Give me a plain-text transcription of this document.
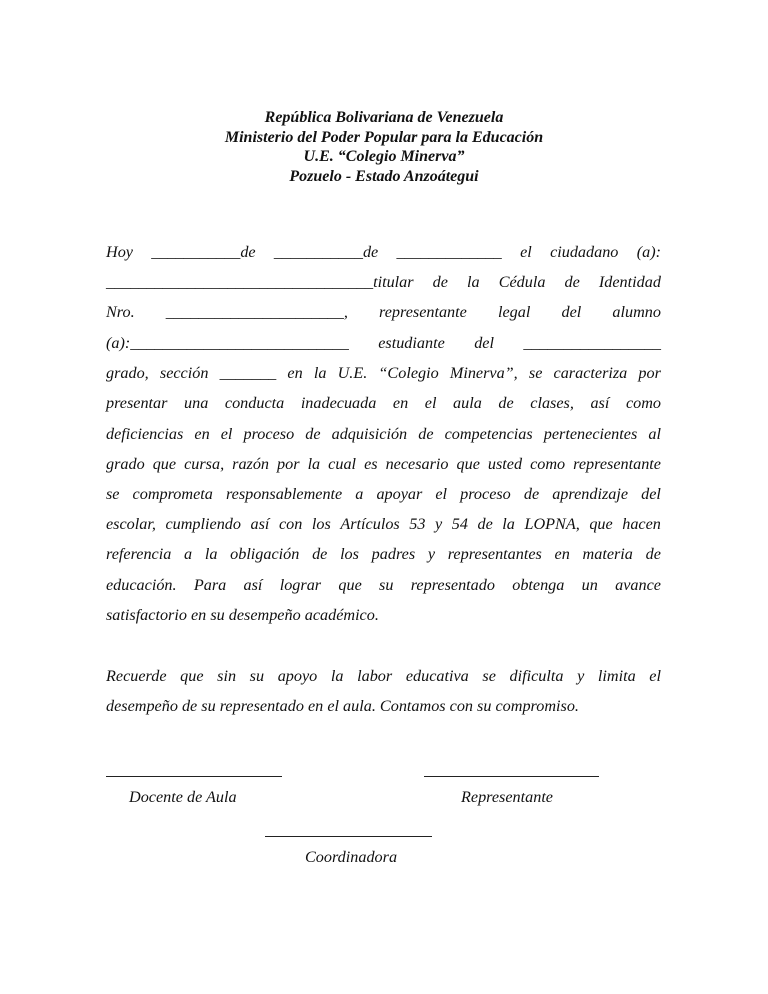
República Bolivariana de Venezuela
Ministerio del Poder Popular para la Educación
U.E. “Colegio Minerva”
Pozuelo - Estado Anzoátegui
Hoy ___________de ___________de _____________ el ciudadano (a):
_________________________________titular de la Cédula de Identidad
Nro. ______________________, representante legal del alumno
(a):___________________________ estudiante del _________________
grado, sección _______ en la U.E. “Colegio Minerva”, se caracteriza por
presentar una conducta inadecuada en el aula de clases, así como
deficiencias en el proceso de adquisición de competencias pertenecientes al
grado que cursa, razón por la cual es necesario que usted como representante
se comprometa responsablemente a apoyar el proceso de aprendizaje del
escolar, cumpliendo así con los Artículos 53 y 54 de la LOPNA, que hacen
referencia a la obligación de los padres y representantes en materia de
educación. Para así lograr que su representado obtenga un avance
satisfactorio en su desempeño académico.
Recuerde que sin su apoyo la labor educativa se dificulta y limita el
desempeño de su representado en el aula. Contamos con su compromiso.
Docente de Aula	Representante
Coordinadora
